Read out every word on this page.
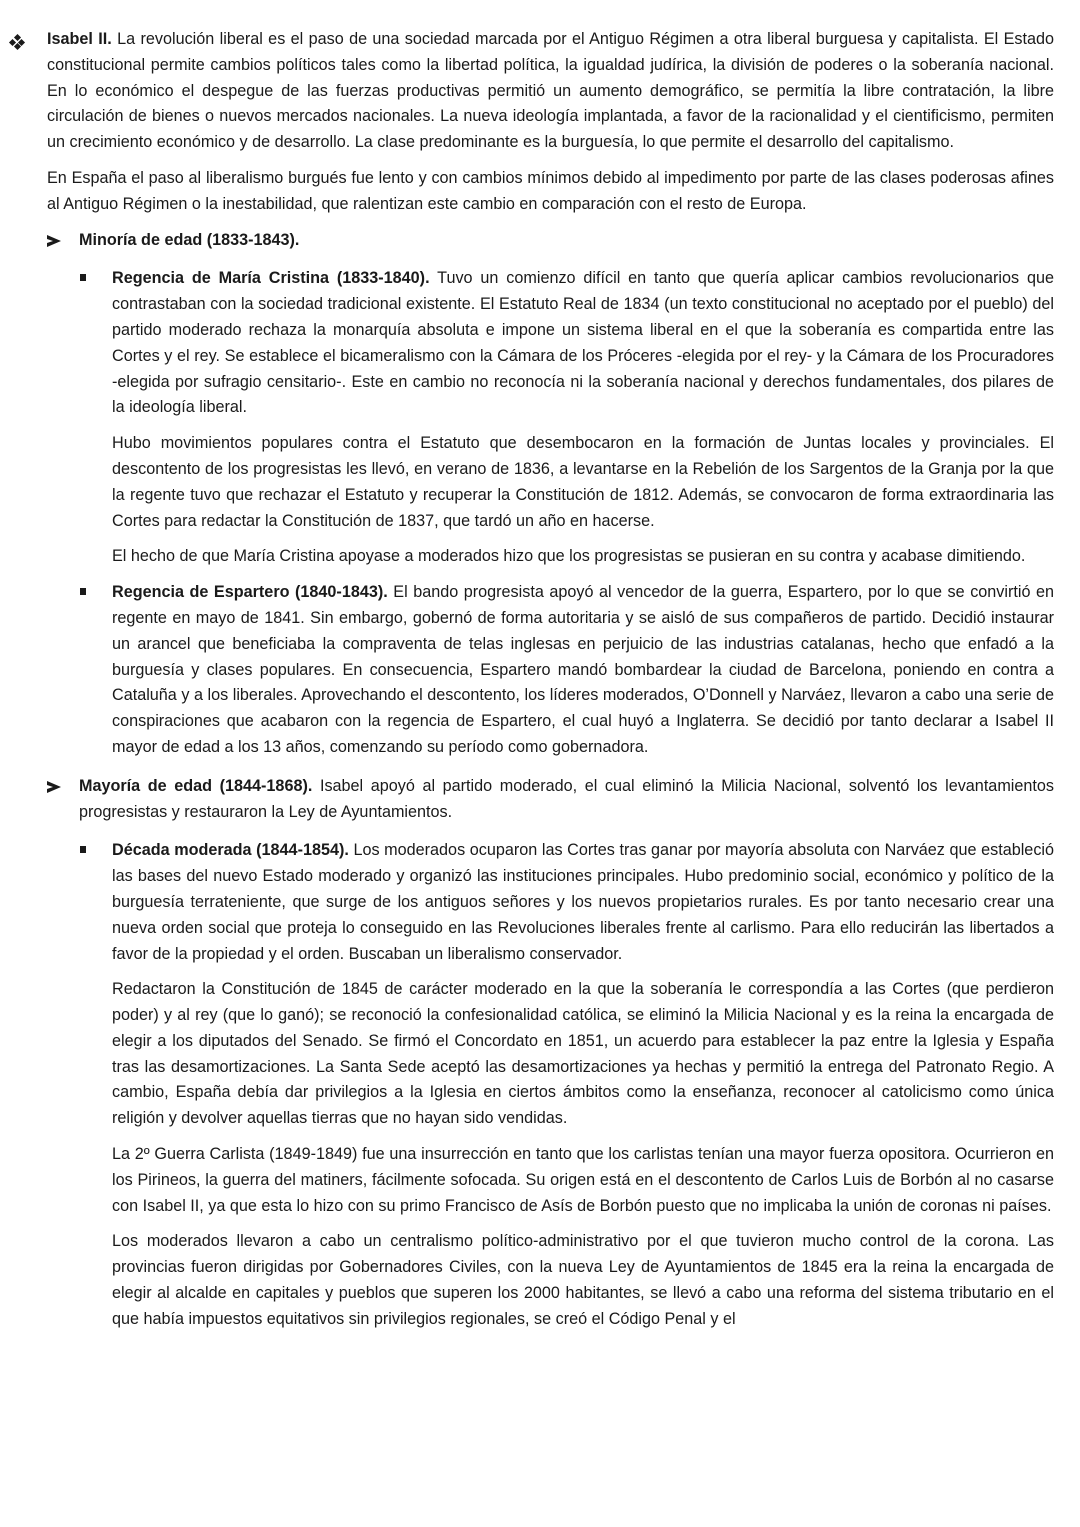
Isabel II. La revolución liberal es el paso de una sociedad marcada por el Antiguo Régimen a otra liberal burguesa y capitalista. El Estado constitucional permite cambios políticos tales como la libertad política, la igualdad judírica, la división de poderes o la soberanía nacional. En lo económico el despegue de las fuerzas productivas permitió un aumento demográfico, se permitía la libre contratación, la libre circulación de bienes o nuevos mercados nacionales. La nueva ideología implantada, a favor de la racionalidad y el cientificismo, permiten un crecimiento económico y de desarrollo. La clase predominante es la burguesía, lo que permite el desarrollo del capitalismo.

En España el paso al liberalismo burgués fue lento y con cambios mínimos debido al impedimento por parte de las clases poderosas afines al Antiguo Régimen o la inestabilidad, que ralentizan este cambio en comparación con el resto de Europa.

Minoría de edad (1833-1843).

Regencia de María Cristina (1833-1840). Tuvo un comienzo difícil en tanto que quería aplicar cambios revolucionarios que contrastaban con la sociedad tradicional existente. El Estatuto Real de 1834 (un texto constitucional no aceptado por el pueblo) del partido moderado rechaza la monarquía absoluta e impone un sistema liberal en el que la soberanía es compartida entre las Cortes y el rey. Se establece el bicameralismo con la Cámara de los Próceres -elegida por el rey- y la Cámara de los Procuradores -elegida por sufragio censitario-. Este en cambio no reconocía ni la soberanía nacional y derechos fundamentales, dos pilares de la ideología liberal.

Hubo movimientos populares contra el Estatuto que desembocaron en la formación de Juntas locales y provinciales. El descontento de los progresistas les llevó, en verano de 1836, a levantarse en la Rebelión de los Sargentos de la Granja por la que la regente tuvo que rechazar el Estatuto y recuperar la Constitución de 1812. Además, se convocaron de forma extraordinaria las Cortes para redactar la Constitución de 1837, que tardó un año en hacerse.

El hecho de que María Cristina apoyase a moderados hizo que los progresistas se pusieran en su contra y acabase dimitiendo.

Regencia de Espartero (1840-1843). El bando progresista apoyó al vencedor de la guerra, Espartero, por lo que se convirtió en regente en mayo de 1841. Sin embargo, gobernó de forma autoritaria y se aisló de sus compañeros de partido. Decidió instaurar un arancel que beneficiaba la compraventa de telas inglesas en perjuicio de las industrias catalanas, hecho que enfadó a la burguesía y clases populares. En consecuencia, Espartero mandó bombardear la ciudad de Barcelona, poniendo en contra a Cataluña y a los liberales. Aprovechando el descontento, los líderes moderados, O’Donnell y Narváez, llevaron a cabo una serie de conspiraciones que acabaron con la regencia de Espartero, el cual huyó a Inglaterra. Se decidió por tanto declarar a Isabel II mayor de edad a los 13 años, comenzando su período como gobernadora.

Mayoría de edad (1844-1868). Isabel apoyó al partido moderado, el cual eliminó la Milicia Nacional, solventó los levantamientos progresistas y restauraron la Ley de Ayuntamientos.

Década moderada (1844-1854). Los moderados ocuparon las Cortes tras ganar por mayoría absoluta con Narváez que estableció las bases del nuevo Estado moderado y organizó las instituciones principales. Hubo predominio social, económico y político de la burguesía terrateniente, que surge de los antiguos señores y los nuevos propietarios rurales. Es por tanto necesario crear una nueva orden social que proteja lo conseguido en las Revoluciones liberales frente al carlismo. Para ello reducirán las libertados a favor de la propiedad y el orden. Buscaban un liberalismo conservador.

Redactaron la Constitución de 1845 de carácter moderado en la que la soberanía le correspondía a las Cortes (que perdieron poder) y al rey (que lo ganó); se reconoció la confesionalidad católica, se eliminó la Milicia Nacional y es la reina la encargada de elegir a los diputados del Senado. Se firmó el Concordato en 1851, un acuerdo para establecer la paz entre la Iglesia y España tras las desamortizaciones. La Santa Sede aceptó las desamortizaciones ya hechas y permitió la entrega del Patronato Regio. A cambio, España debía dar privilegios a la Iglesia en ciertos ámbitos como la enseñanza, reconocer al catolicismo como única religión y devolver aquellas tierras que no hayan sido vendidas.

La 2º Guerra Carlista (1849-1849) fue una insurrección en tanto que los carlistas tenían una mayor fuerza opositora. Ocurrieron en los Pirineos, la guerra del matiners, fácilmente sofocada. Su origen está en el descontento de Carlos Luis de Borbón al no casarse con Isabel II, ya que esta lo hizo con su primo Francisco de Asís de Borbón puesto que no implicaba la unión de coronas ni países.

Los moderados llevaron a cabo un centralismo político-administrativo por el que tuvieron mucho control de la corona. Las provincias fueron dirigidas por Gobernadores Civiles, con la nueva Ley de Ayuntamientos de 1845 era la reina la encargada de elegir al alcalde en capitales y pueblos que superen los 2000 habitantes, se llevó a cabo una reforma del sistema tributario en el que había impuestos equitativos sin privilegios regionales, se creó el Código Penal y el
